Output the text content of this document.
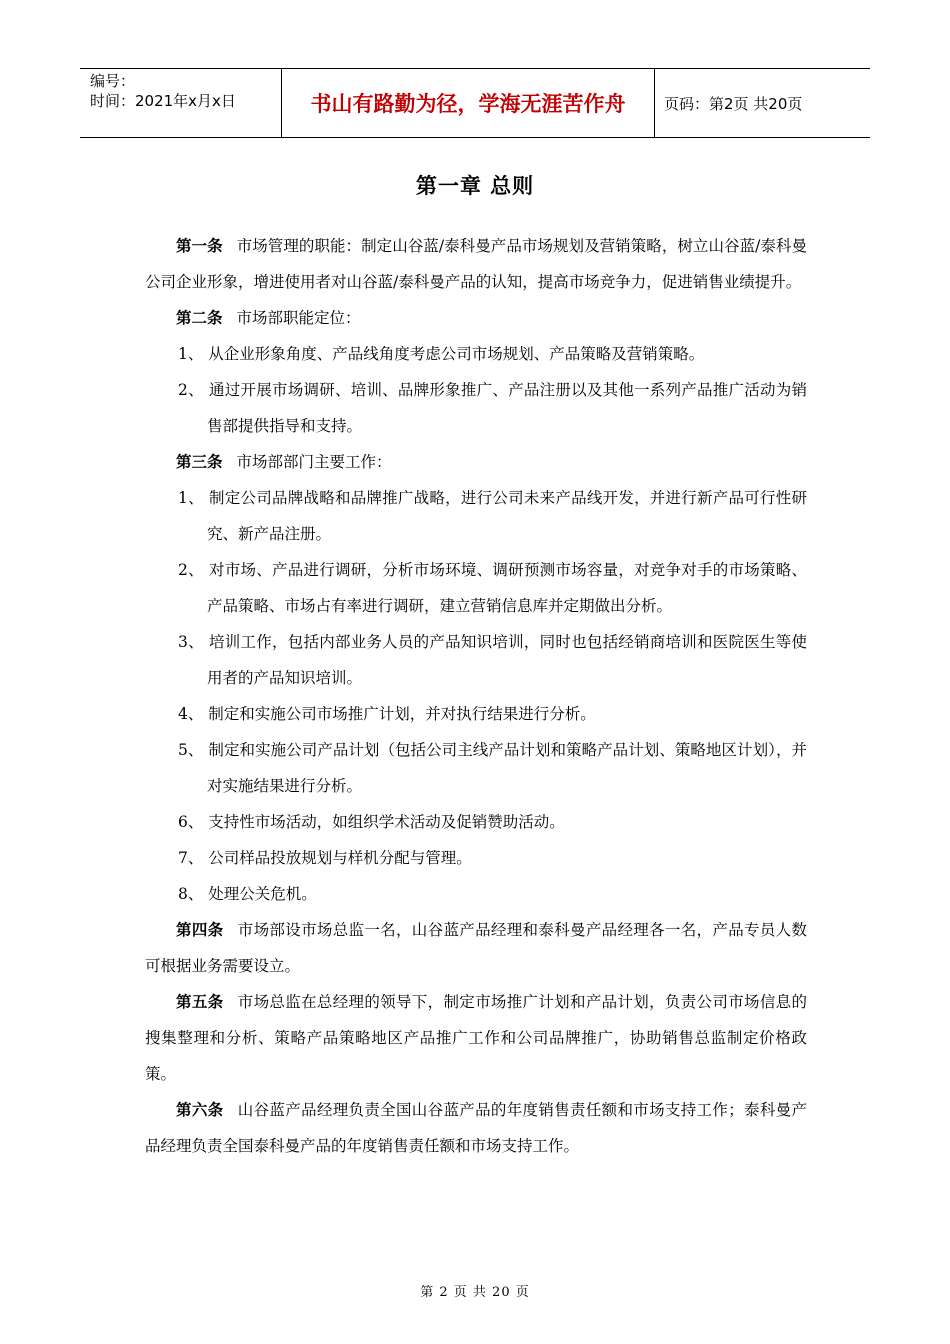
编号：
时间：2021年x月x日	书山有路勤为径，学海无涯苦作舟	页码：第2页 共20页
第一章 总则

第一条 市场管理的职能：制定山谷蓝/泰科曼产品市场规划及营销策略，树立山谷蓝/泰科曼公司企业形象，增进使用者对山谷蓝/泰科曼产品的认知，提高市场竞争力，促进销售业绩提升。

第二条 市场部职能定位：

1、 从企业形象角度、产品线角度考虑公司市场规划、产品策略及营销策略。

2、 通过开展市场调研、培训、品牌形象推广、产品注册以及其他一系列产品推广活动为销售部提供指导和支持。

第三条 市场部部门主要工作：

1、 制定公司品牌战略和品牌推广战略，进行公司未来产品线开发，并进行新产品可行性研究、新产品注册。

2、 对市场、产品进行调研，分析市场环境、调研预测市场容量，对竞争对手的市场策略、产品策略、市场占有率进行调研，建立营销信息库并定期做出分析。

3、 培训工作，包括内部业务人员的产品知识培训，同时也包括经销商培训和医院医生等使用者的产品知识培训。

4、 制定和实施公司市场推广计划，并对执行结果进行分析。

5、 制定和实施公司产品计划（包括公司主线产品计划和策略产品计划、策略地区计划），并对实施结果进行分析。

6、 支持性市场活动，如组织学术活动及促销赞助活动。

7、 公司样品投放规划与样机分配与管理。

8、 处理公关危机。

第四条 市场部设市场总监一名，山谷蓝产品经理和泰科曼产品经理各一名，产品专员人数可根据业务需要设立。

第五条 市场总监在总经理的领导下，制定市场推广计划和产品计划，负责公司市场信息的搜集整理和分析、策略产品策略地区产品推广工作和公司品牌推广，协助销售总监制定价格政策。

第六条 山谷蓝产品经理负责全国山谷蓝产品的年度销售责任额和市场支持工作；泰科曼产品经理负责全国泰科曼产品的年度销售责任额和市场支持工作。

第 2 页 共 20 页
